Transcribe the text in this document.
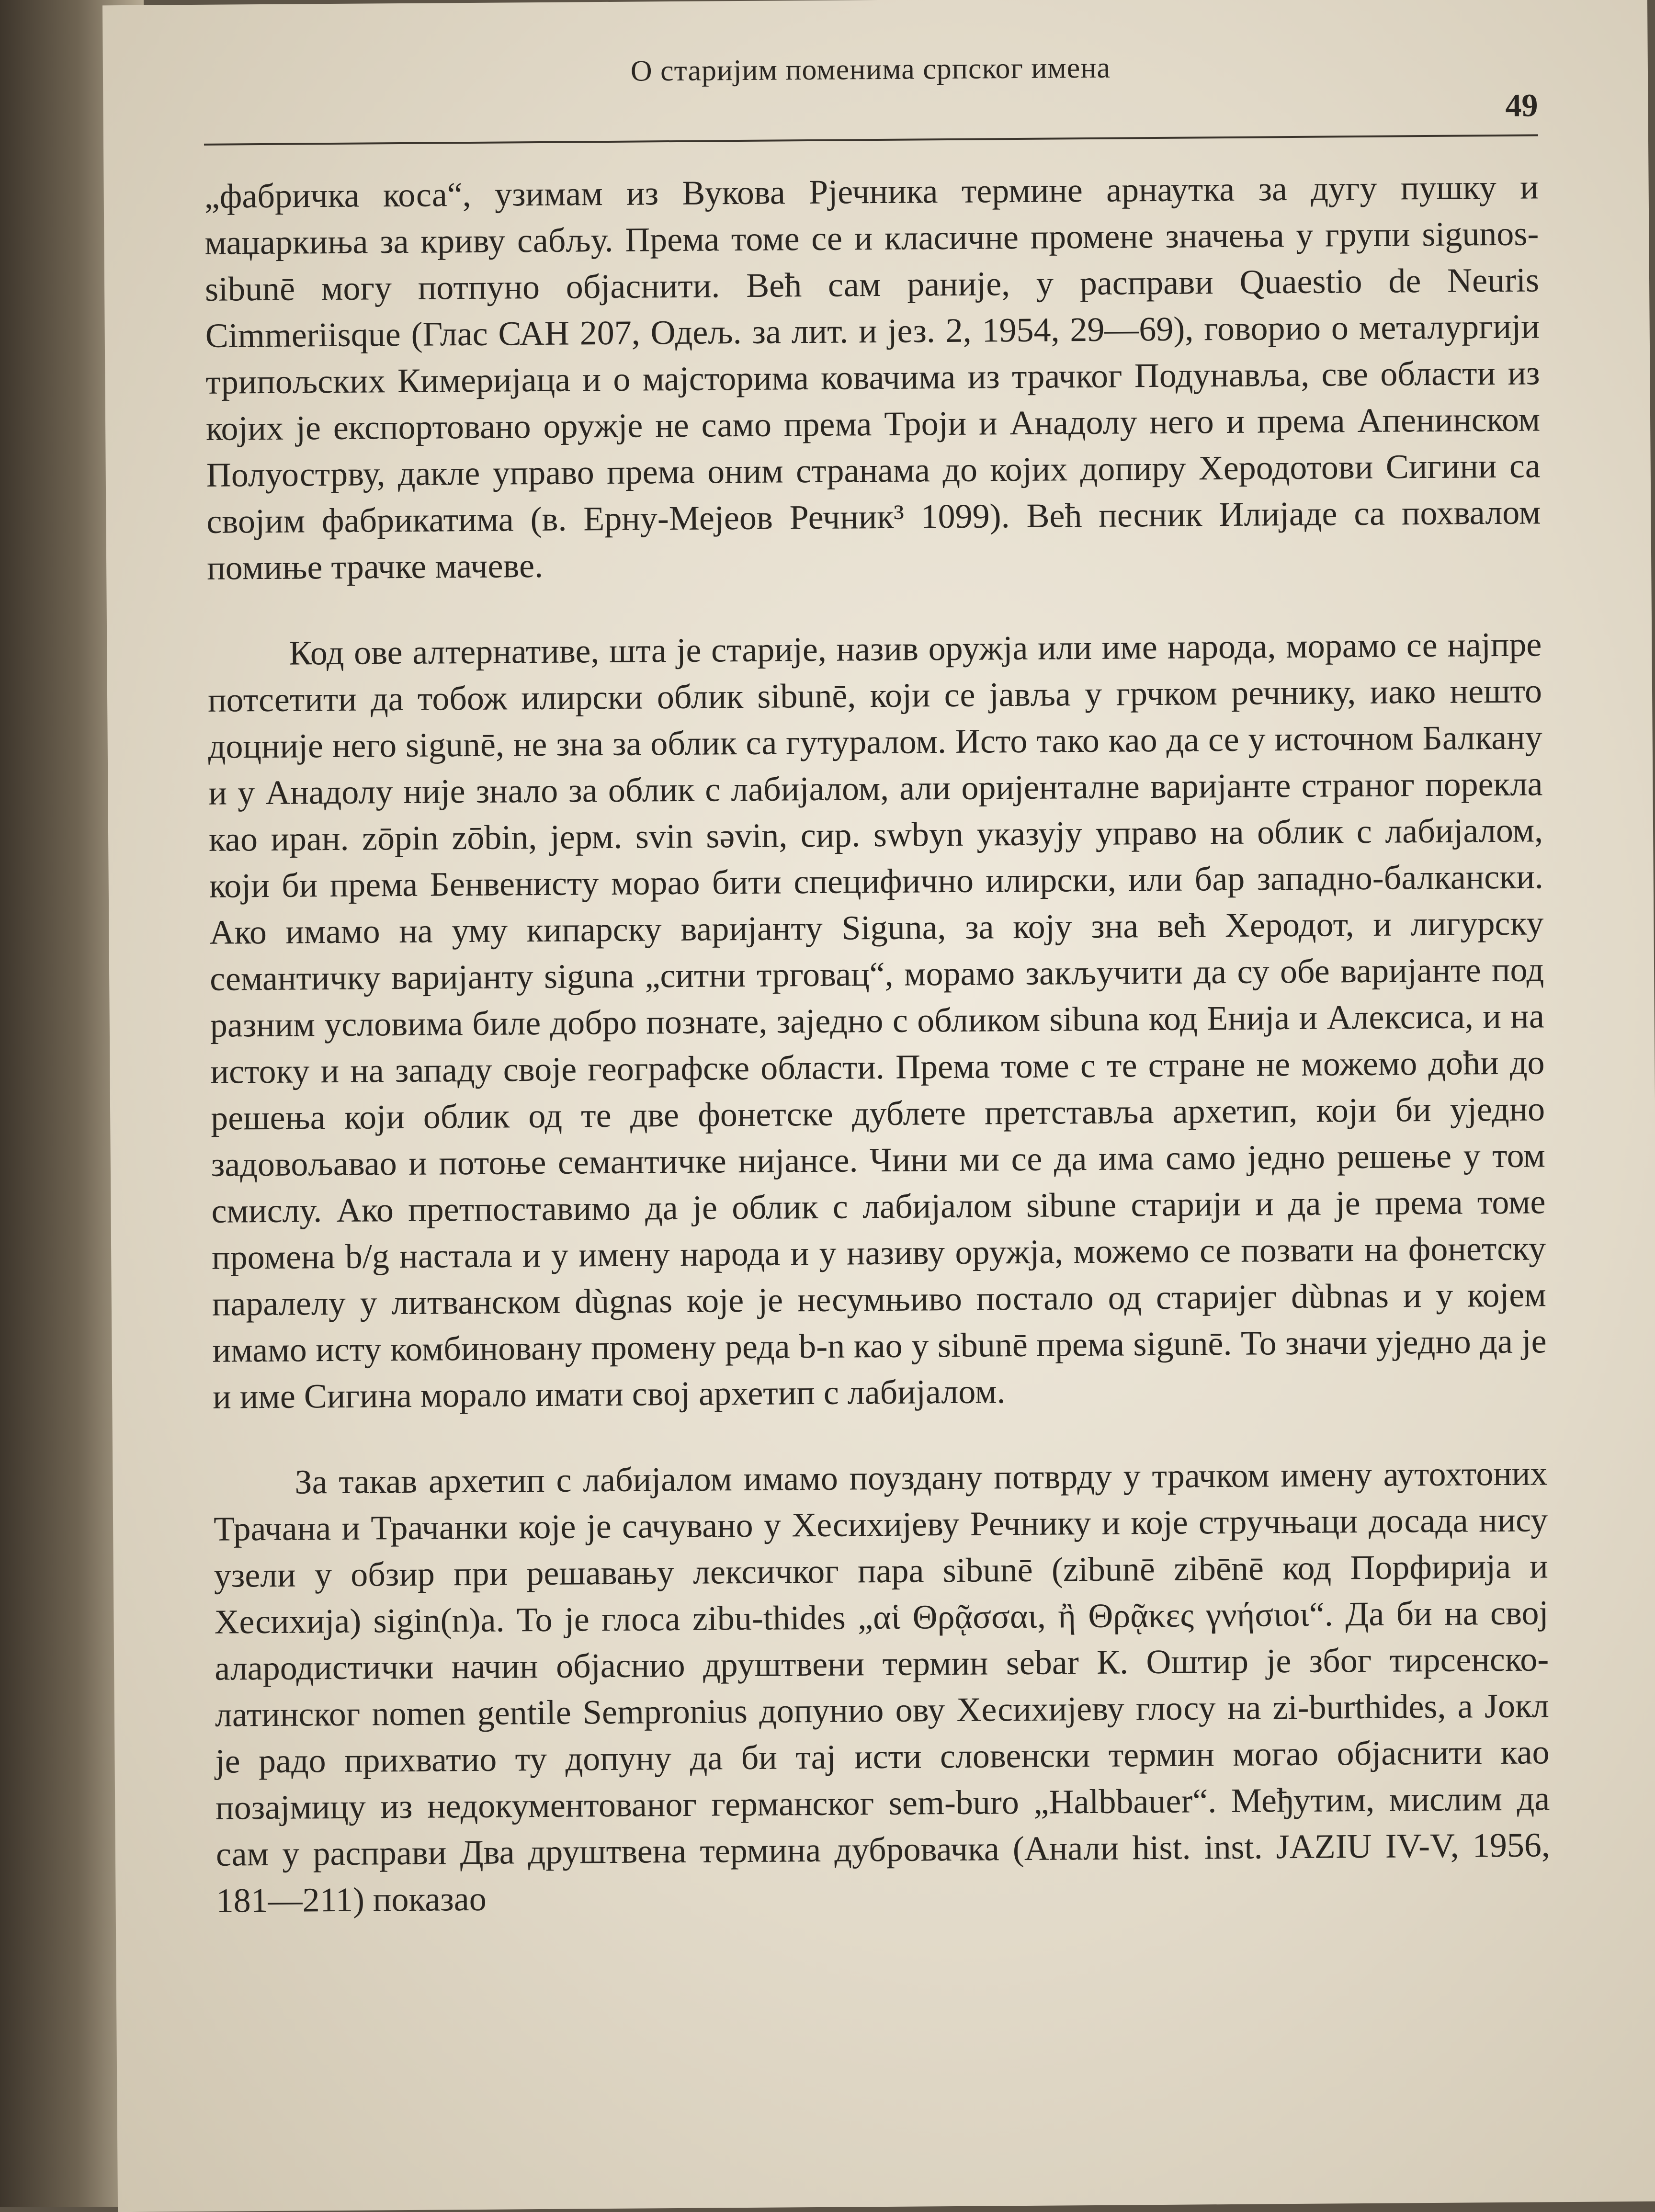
О старијим поменима српског имена
49

„фабричка коса“, узимам из Вукова Рјечника термине арнаутка за дугу пушку и маџаркиња за криву сабљу. Према томе се и класичне промене значења у групи sigunos-sibunē могу потпуно објаснити. Већ сам раније, у расправи Quaestio de Neuris Cimmeriisque (Глас САН 207, Одељ. за лит. и јез. 2, 1954, 29—69), говорио о металургији трипољских Кимеријаца и о мајсторима ковачима из трачког Подунавља, све области из којих је експортовано оружје не само према Троји и Анадолу него и према Апенинском Полуострву, дакле управо према оним странама до којих допиру Херодотови Сигини са својим фабрикатима (в. Ерну-Мејеов Речник³ 1099). Већ песник Илијаде са похвалом помиње трачке мачеве.

Код ове алтернативе, шта је старије, назив оружја или име народа, морамо се најпре потсетити да тобож илирски облик sibunē, који се јавља у грчком речнику, иако нешто доцније него sigunē, не зна за облик са гутуралом. Исто тако као да се у источном Балкану и у Анадолу није знало за облик с лабијалом, али оријенталне варијанте страног порекла као иран. zōpin zōbin, јерм. svin səvin, сир. swbyn указују управо на облик с лабијалом, који би према Бенвенисту морао бити специфично илирски, или бар западно-балкански. Ако имамо на уму кипарску варијанту Siguna, за коју зна већ Херодот, и лигурску семантичку варијанту siguna „ситни трговац“, морамо закључити да су обе варијанте под разним условима биле добро познате, заједно с обликом sibuna код Енија и Алексиса, и на истоку и на западу своје географске области. Према томе с те стране не можемо доћи до решења који облик од те две фонетске дублете претставља архетип, који би уједно задовољавао и потоње семантичке нијансе. Чини ми се да има само једно решење у том смислу. Ако претпоставимо да је облик с лабијалом sibune старији и да је према томе промена b/g настала и у имену народа и у називу оружја, можемо се позвати на фонетску паралелу у литванском dùgnas које је несумњиво постало од старијег dùbnas и у којем имамо исту комбиновану промену реда b-n као у sibunē према sigunē. То значи уједно да је и име Сигина морало имати свој архетип с лабијалом.

За такав архетип с лабијалом имамо поуздану потврду у трачком имену аутохтоних Трачана и Трачанки које је сачувано у Хесихијеву Речнику и које стручњаци досада нису узели у обзир при решавању лексичког пара sibunē (zibunē zibēnē код Порфирија и Хесихија) sigin(n)a. То је глоса zibu-thides „αἱ Θρᾷσσαι, ἢ Θρᾷκες γνήσιοι“. Да би на свој алародистички начин објаснио друштвени термин sebar К. Оштир је због тирсенско-латинског nomen gentile Sempronius допунио ову Хесихијеву глосу на zi-burthides, а Јокл је радо прихватио ту допуну да би тај исти словенски термин могао објаснити као позајмицу из недокументованог германског sem-buro „Halbbauer“. Међутим, мислим да сам у расправи Два друштвена термина дубровачка (Анали hist. inst. JAZIU IV-V, 1956, 181—211) показао
